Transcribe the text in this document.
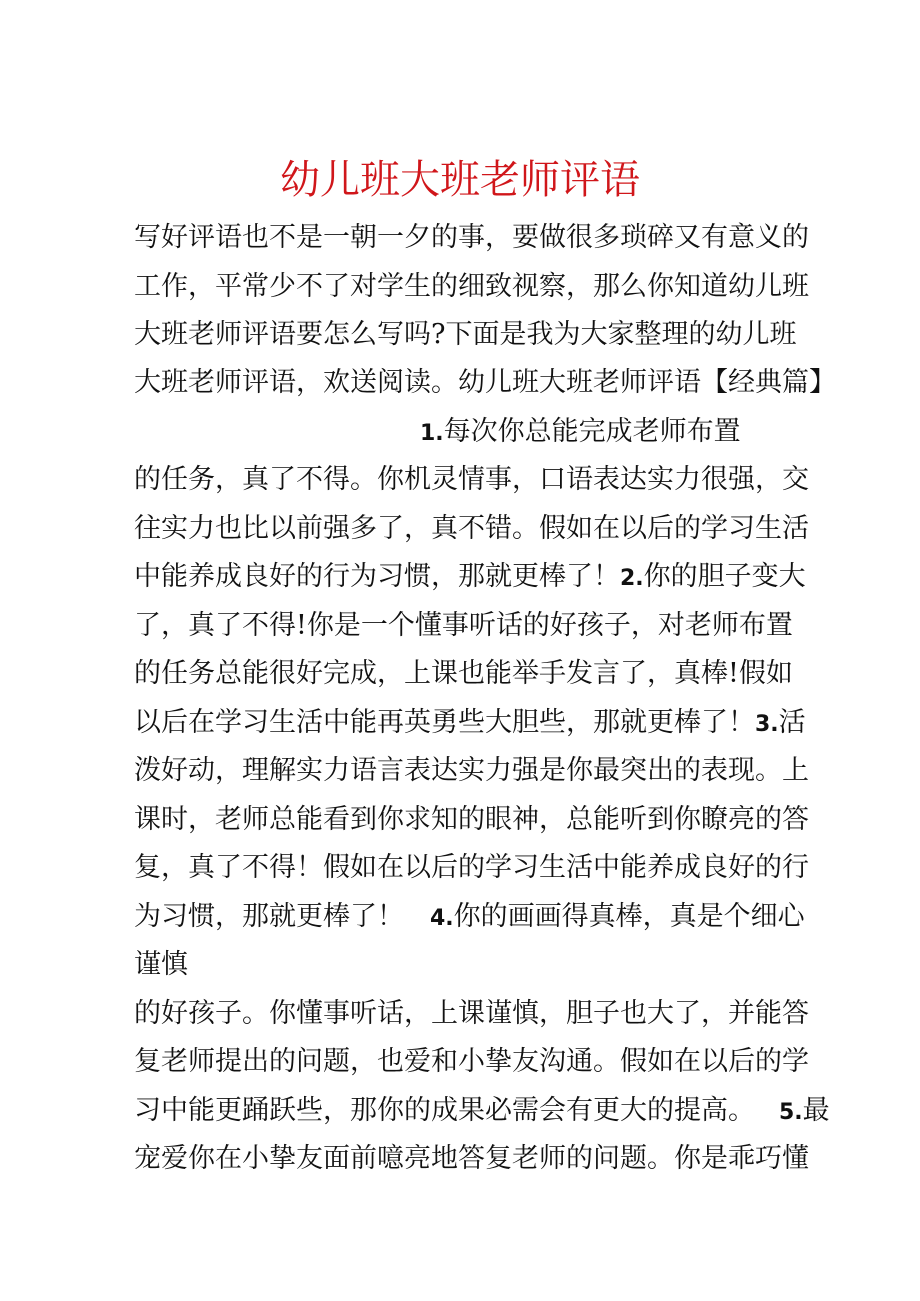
幼儿班大班老师评语
写好评语也不是一朝一夕的事，要做很多琐碎又有意义的
工作，平常少不了对学生的细致视察，那么你知道幼儿班
大班老师评语要怎么写吗?下面是我为大家整理的幼儿班
大班老师评语，欢送阅读。幼儿班大班老师评语【经典篇】
1.每次你总能完成老师布置
的任务，真了不得。你机灵情事，口语表达实力很强，交
往实力也比以前强多了，真不错。假如在以后的学习生活
中能养成良好的行为习惯，那就更棒了！2.你的胆子变大
了，真了不得!你是一个懂事听话的好孩子，对老师布置
的任务总能很好完成，上课也能举手发言了，真棒!假如
以后在学习生活中能再英勇些大胆些，那就更棒了！3.活
泼好动，理解实力语言表达实力强是你最突出的表现。上
课时，老师总能看到你求知的眼神，总能听到你瞭亮的答
复，真了不得！假如在以后的学习生活中能养成良好的行
为习惯，那就更棒了！ 4.你的画画得真棒，真是个细心
谨慎
的好孩子。你懂事听话，上课谨慎，胆子也大了，并能答
复老师提出的问题，也爱和小挚友沟通。假如在以后的学
习中能更踊跃些，那你的成果必需会有更大的提高。 5.最
宠爱你在小挚友面前噫亮地答复老师的问题。你是乖巧懂
